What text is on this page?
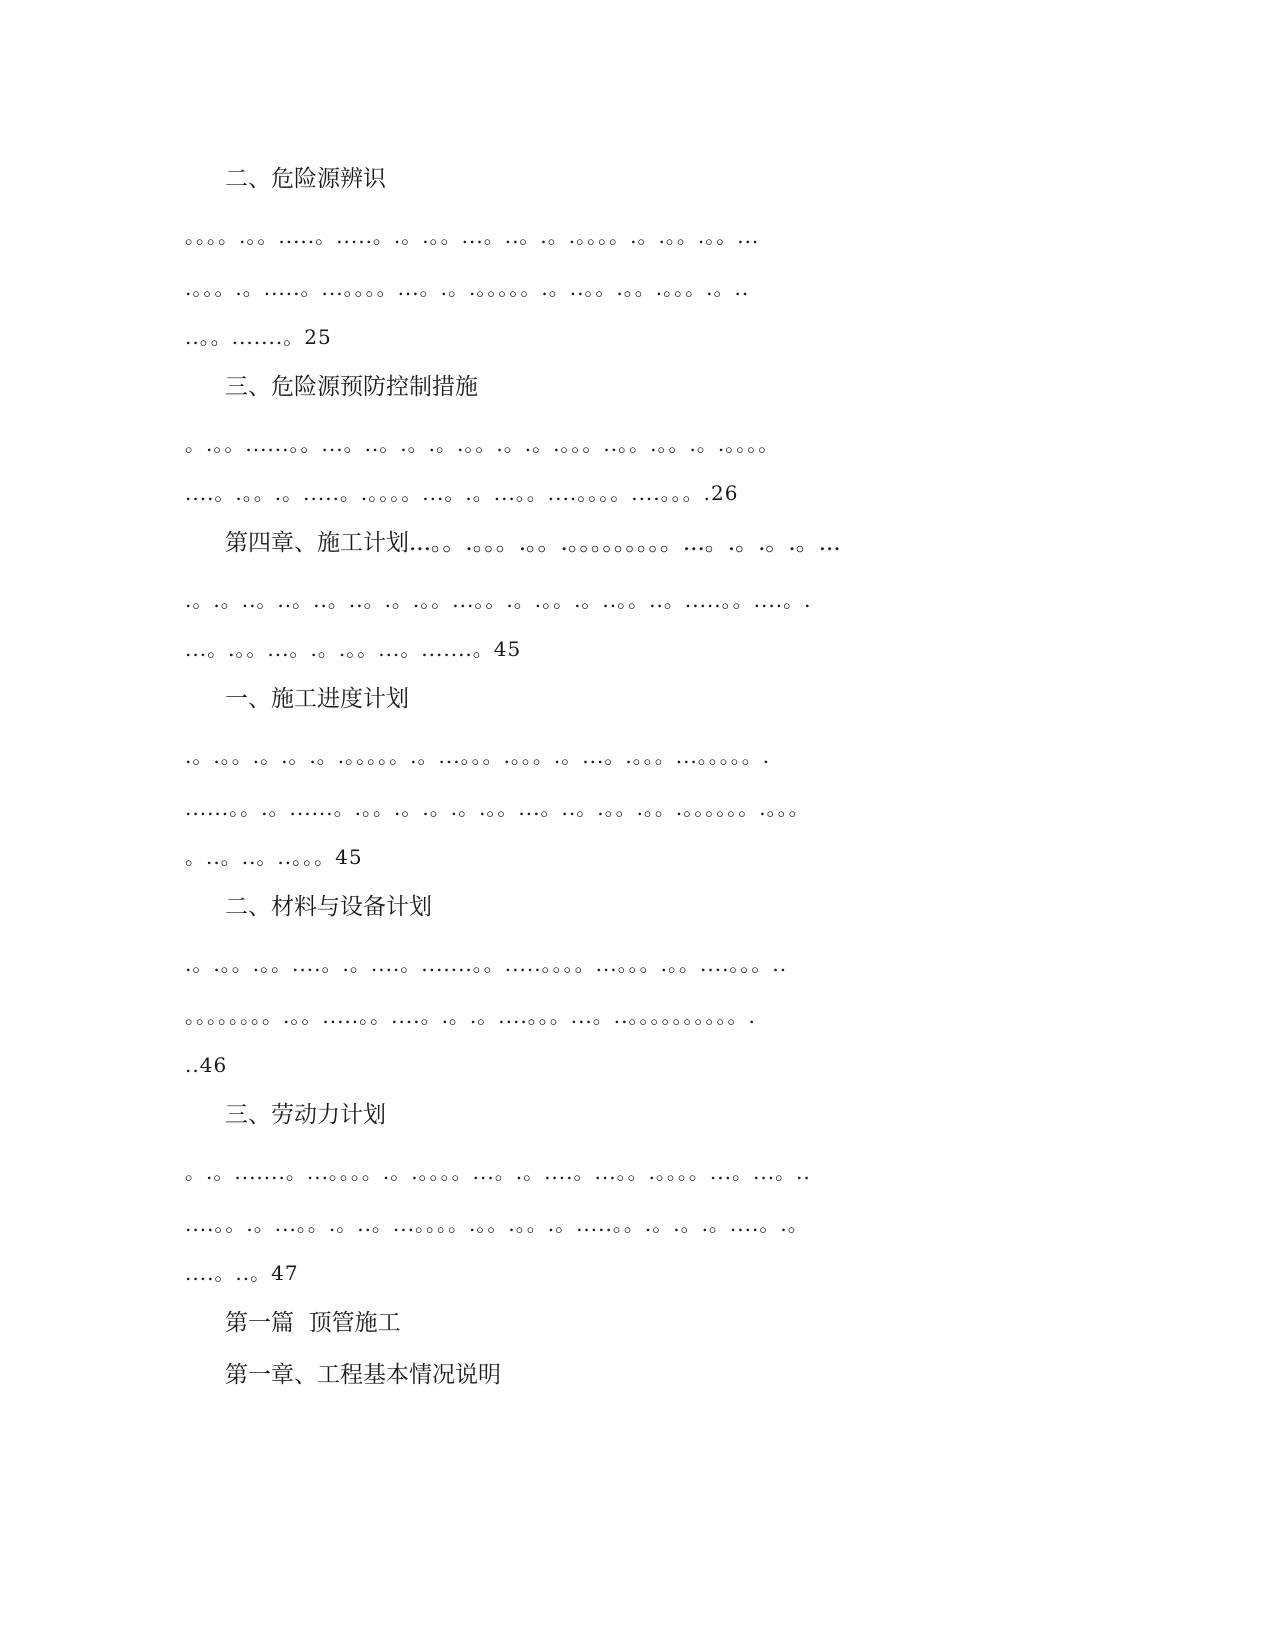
二、危险源辨识
。。。。.。。.....。.....。.。.。。...。..。.。.。。。。.。.。。.。。...
.。。。.。.....。...。。。。...。.。.。。。。。.。..。。.。。.。。。.。..
..。。.......。25
三、危险源预防控制措施
。.。。......。。...。..。.。.。.。。.。.。.。。。..。。.。。.。.。。。。
....。.。。.。.....。.。。。。...。.。...。。....。。。。....。。。.26
第四章、施工计划...。。.。。。.。。.。。。。。。。。。...。.。.。.。...
.。.。..。..。..。..。.。.。。...。。.。.。。.。..。。..。.....。。....。.
...。.。。...。.。.。。...。.......。45
一、施工进度计划
.。.。。.。.。.。.。。。。。.。...。。。.。。。.。...。.。。。...。。。。。.
......。。.。......。.。。.。.。.。.。。...。..。.。。.。。.。。。。。。.。。。
。..。..。..。。。45
二、材料与设备计划
.。.。。.。。....。.。....。.......。。.....。。。。...。。。.。。....。。。..
。。。。。。。。.。。.....。。....。.。.。....。。。...。..。。。。。。。。。。.
..46
三、劳动力计划
。.。.......。...。。。。.。.。。。。...。.。....。...。。.。。。。...。...。..
....。。.。...。。.。..。...。。。。.。。.。。.。.....。。.。.。.。....。.。
....。..。47
第一篇  顶管施工
第一章、工程基本情况说明
